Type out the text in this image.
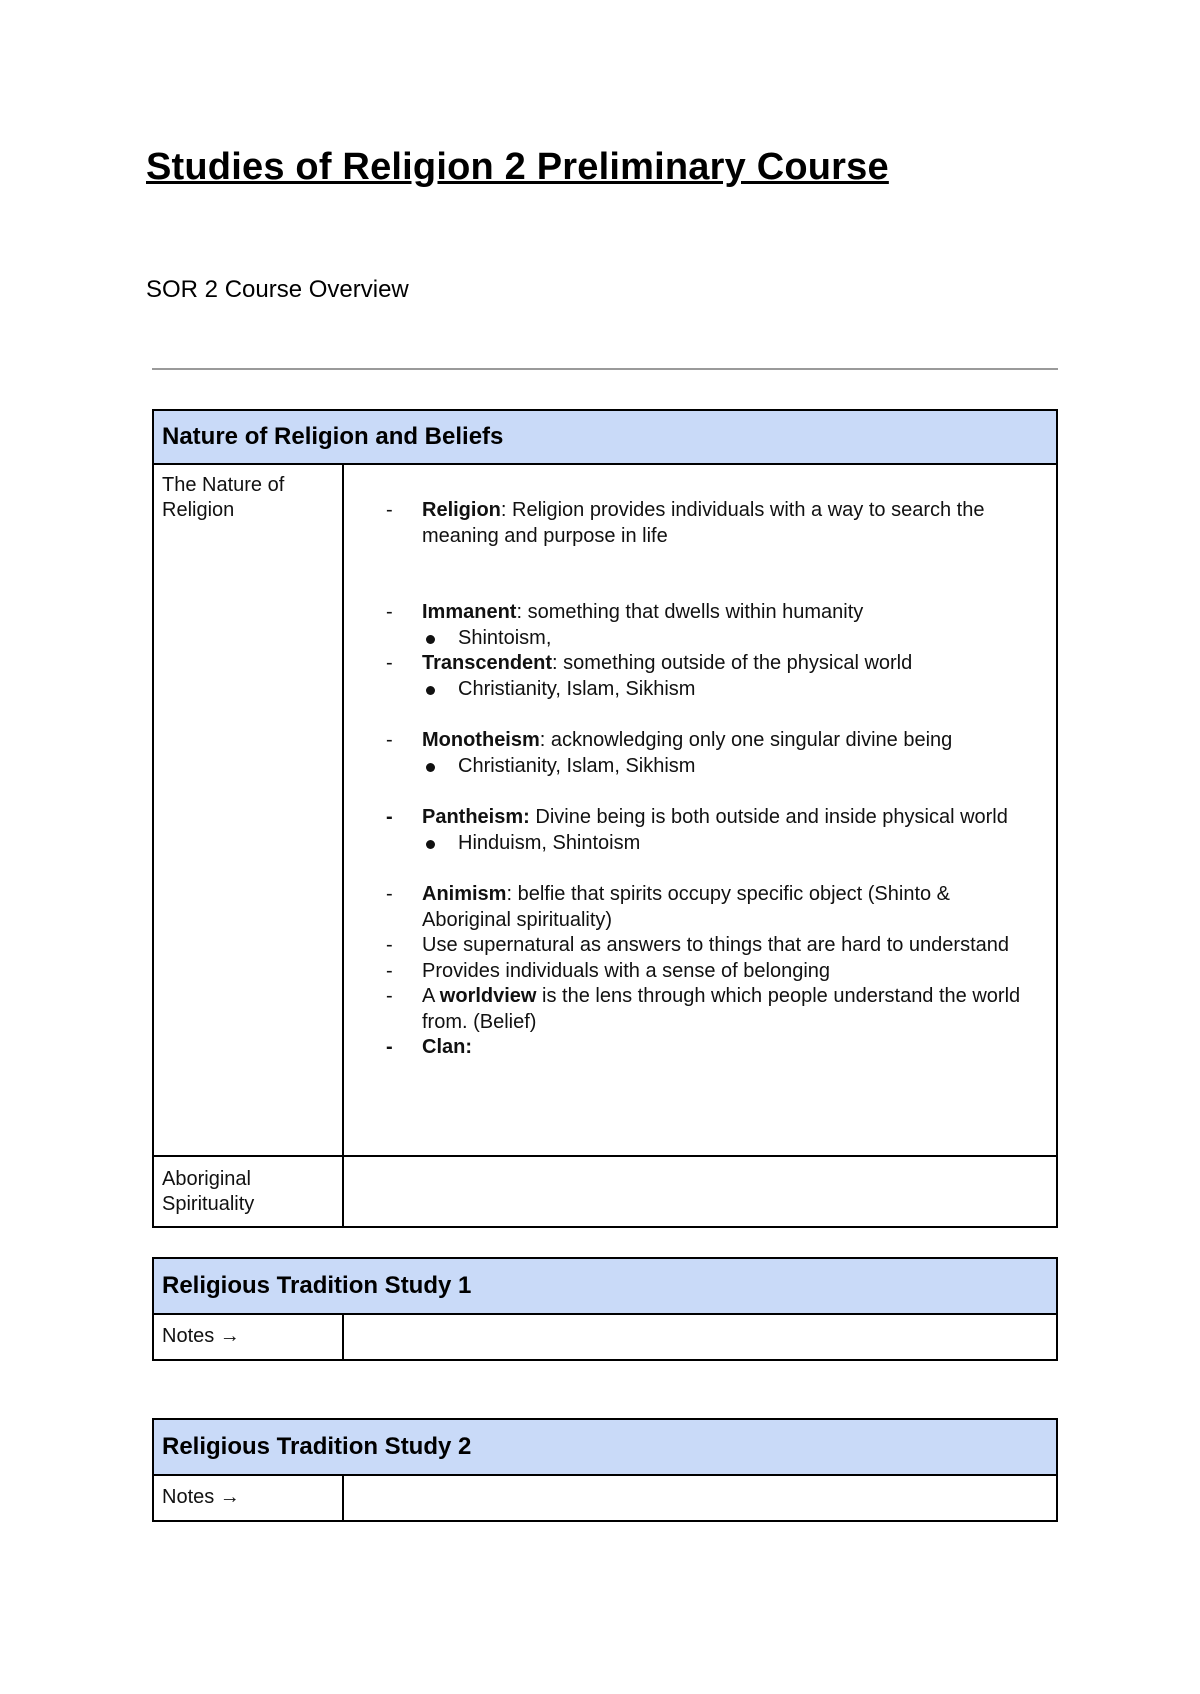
Studies of Religion 2 Preliminary Course

SOR 2 Course Overview

Nature of Religion and Beliefs
The Nature of Religion
-	Religion: Religion provides individuals with a way to search the meaning and purpose in life
- Immanent: something that dwells within humanity
Shintoism,
- Transcendent: something outside of the physical world
Christianity, Islam, Sikhism
- Monotheism: acknowledging only one singular divine being
Christianity, Islam, Sikhism
- Pantheism: Divine being is both outside and inside physical world
Hinduism, Shintoism
- Animism: belfie that spirits occupy specific object (Shinto & Aboriginal spirituality)
- Use supernatural as answers to things that are hard to understand
- Provides individuals with a sense of belonging
- A worldview is the lens through which people understand the world from. (Belief)
- Clan:
Aboriginal Spirituality
Religious Tradition Study 1
Notes →
Religious Tradition Study 2
Notes →
